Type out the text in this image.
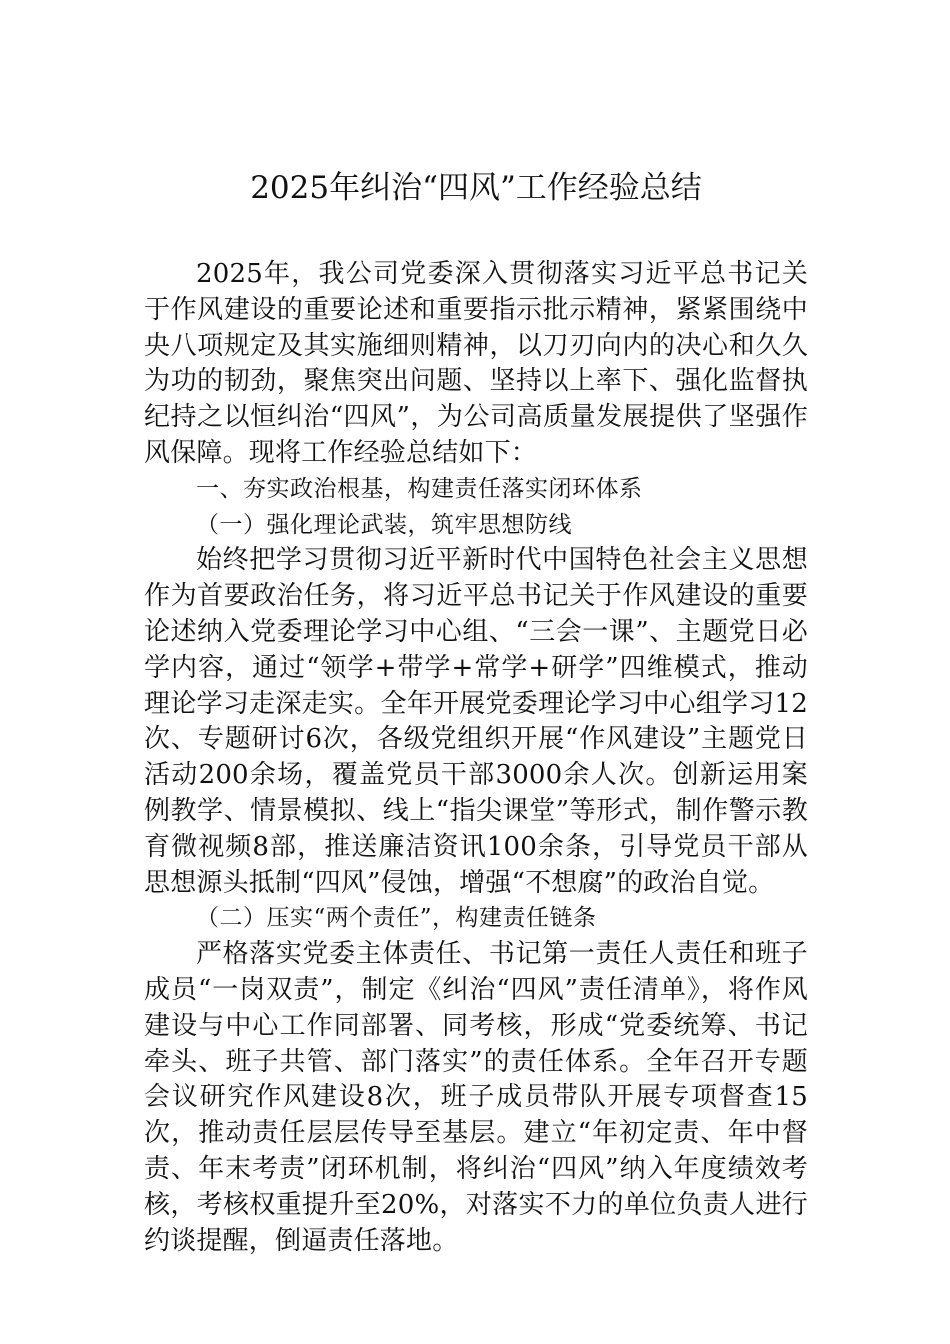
2025年纠治“四风”工作经验总结

2025年，我公司党委深入贯彻落实习近平总书记关于作风建设的重要论述和重要指示批示精神，紧紧围绕中央八项规定及其实施细则精神，以刀刃向内的决心和久久为功的韧劲，聚焦突出问题、坚持以上率下、强化监督执纪持之以恒纠治“四风”，为公司高质量发展提供了坚强作风保障。现将工作经验总结如下：

一、夯实政治根基，构建责任落实闭环体系

（一）强化理论武装，筑牢思想防线

始终把学习贯彻习近平新时代中国特色社会主义思想作为首要政治任务，将习近平总书记关于作风建设的重要论述纳入党委理论学习中心组、“三会一课”、主题党日必学内容，通过“领学+带学+常学+研学”四维模式，推动理论学习走深走实。全年开展党委理论学习中心组学习12次、专题研讨6次，各级党组织开展“作风建设”主题党日活动200余场，覆盖党员干部3000余人次。创新运用案例教学、情景模拟、线上“指尖课堂”等形式，制作警示教育微视频8部，推送廉洁资讯100余条，引导党员干部从思想源头抵制“四风”侵蚀，增强“不想腐”的政治自觉。

（二）压实“两个责任”，构建责任链条

严格落实党委主体责任、书记第一责任人责任和班子成员“一岗双责”，制定《纠治“四风”责任清单》，将作风建设与中心工作同部署、同考核，形成“党委统筹、书记牵头、班子共管、部门落实”的责任体系。全年召开专题会议研究作风建设8次，班子成员带队开展专项督查15次，推动责任层层传导至基层。建立“年初定责、年中督责、年末考责”闭环机制，将纠治“四风”纳入年度绩效考核，考核权重提升至20%，对落实不力的单位负责人进行约谈提醒，倒逼责任落地。
